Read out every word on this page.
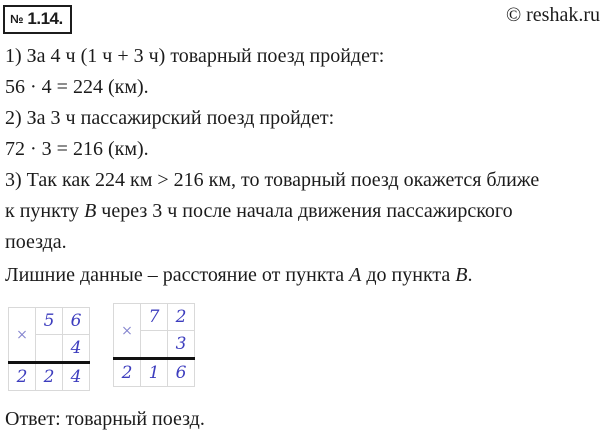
№ 1.14.	© reshak.ru
1) За 4 ч (1 ч + 3 ч) товарный поезд пройдет:
56 · 4 = 224 (км).
2) За 3 ч пассажирский поезд пройдет:
72 · 3 = 216 (км).
3) Так как 224 км > 216 км, то товарный поезд окажется ближе
к пункту B через 3 ч после начала движения пассажирского
поезда.
Лишние данные – расстояние от пункта A до пункта B.
×	5	6
		4
2	2	4
×	7	2
		3
2	1	6
Ответ: товарный поезд.
